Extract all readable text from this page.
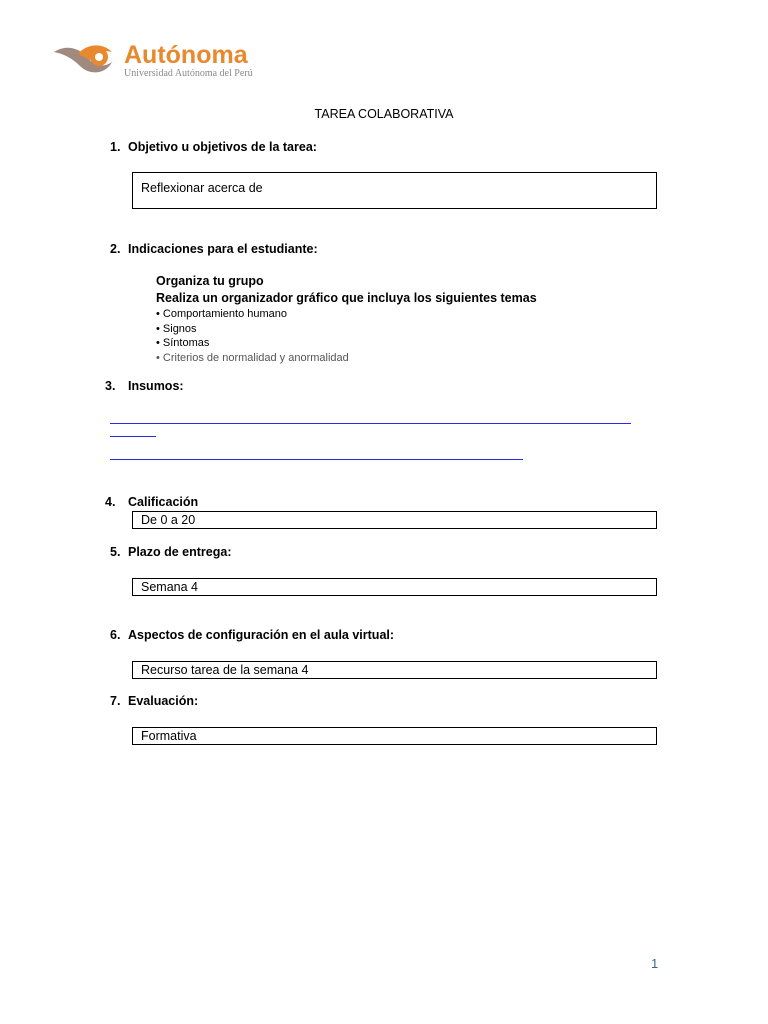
Autónoma
Universidad Autónoma del Perú
TAREA COLABORATIVA
1. Objetivo u objetivos de la tarea:
Reflexionar acerca de
2. Indicaciones para el estudiante:
Organiza tu grupo
Realiza un organizador gráfico que incluya los siguientes temas
• Comportamiento humano
• Signos
• Síntomas
• Criterios de normalidad y anormalidad
3. Insumos:
4. Calificación
De 0 a 20
5. Plazo de entrega:
Semana 4
6. Aspectos de configuración en el aula virtual:
Recurso tarea de la semana 4
7. Evaluación:
Formativa
1
